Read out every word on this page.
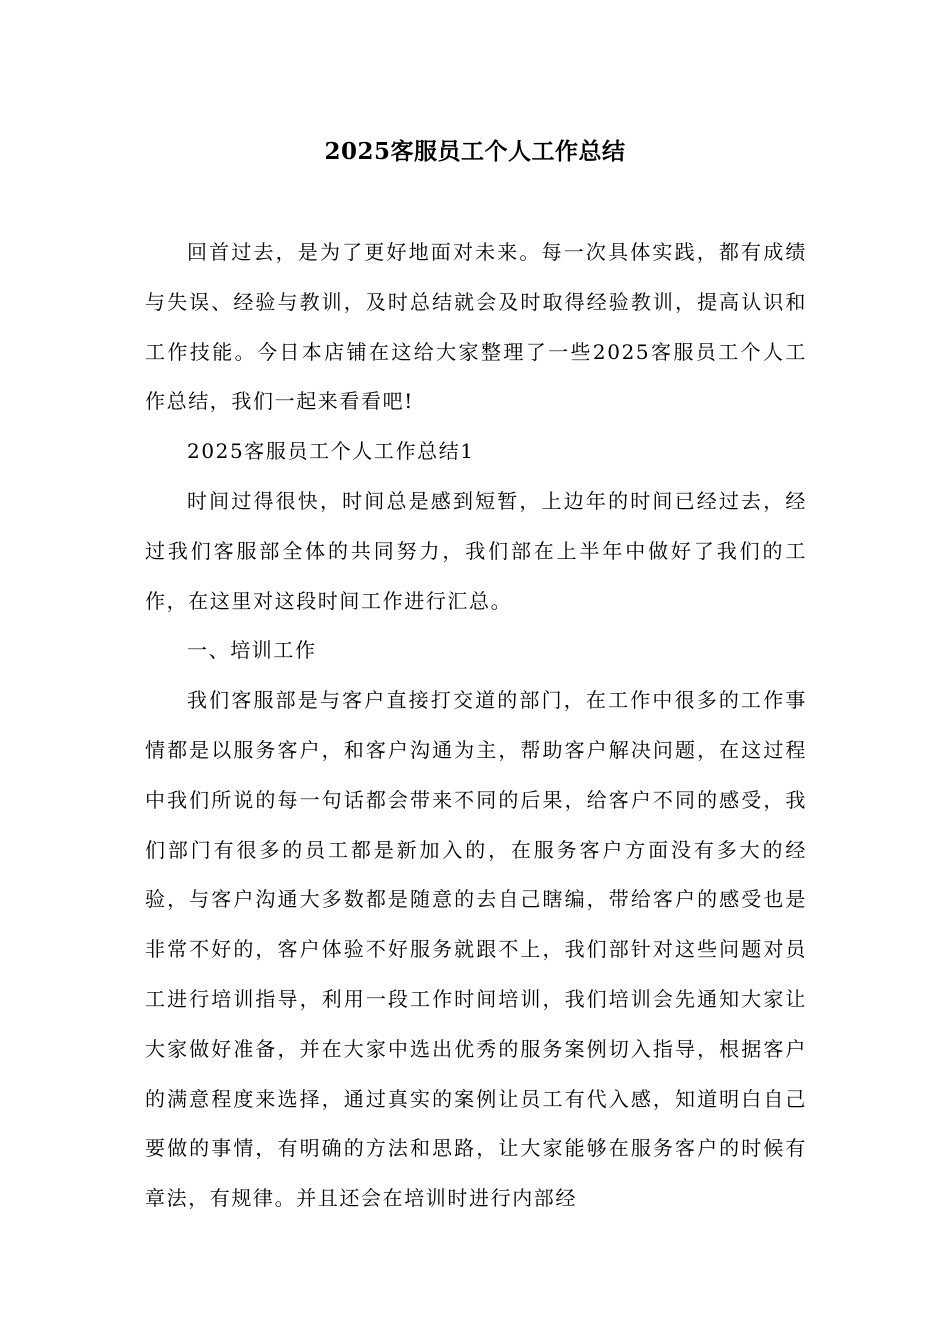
2025客服员工个人工作总结

回首过去，是为了更好地面对未来。每一次具体实践，都有成绩与失误、经验与教训，及时总结就会及时取得经验教训，提高认识和工作技能。今日本店铺在这给大家整理了一些2025客服员工个人工作总结，我们一起来看看吧!

2025客服员工个人工作总结1

时间过得很快，时间总是感到短暂，上边年的时间已经过去，经过我们客服部全体的共同努力，我们部在上半年中做好了我们的工作，在这里对这段时间工作进行汇总。

一、培训工作

我们客服部是与客户直接打交道的部门，在工作中很多的工作事情都是以服务客户，和客户沟通为主，帮助客户解决问题，在这过程中我们所说的每一句话都会带来不同的后果，给客户不同的感受，我们部门有很多的员工都是新加入的，在服务客户方面没有多大的经验，与客户沟通大多数都是随意的去自己瞎编，带给客户的感受也是非常不好的，客户体验不好服务就跟不上，我们部针对这些问题对员工进行培训指导，利用一段工作时间培训，我们培训会先通知大家让大家做好准备，并在大家中选出优秀的服务案例切入指导，根据客户的满意程度来选择，通过真实的案例让员工有代入感，知道明白自己要做的事情，有明确的方法和思路，让大家能够在服务客户的时候有章法，有规律。并且还会在培训时进行内部经
